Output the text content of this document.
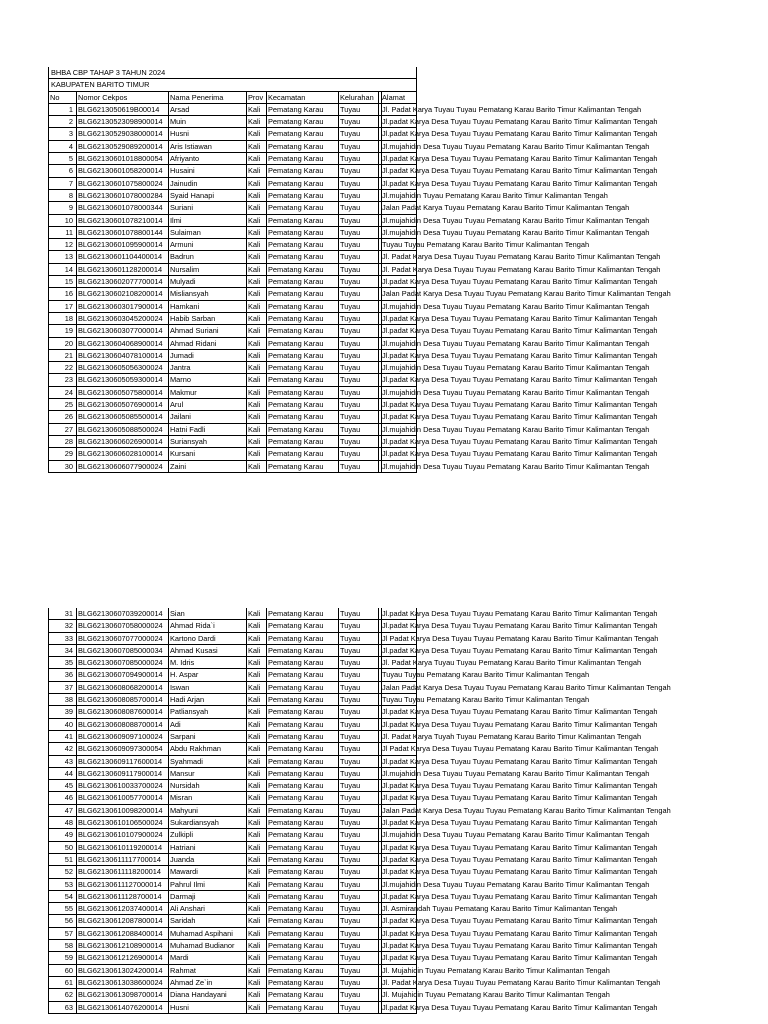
BHBA CBP TAHAP 3 TAHUN 2024
KABUPATEN BARITO TIMUR
No	Nomor Cekpos	Nama Penerima	Prov Kecamatan	Kelurahan	Alamat
1 BLG6213050619B00014	Arsad	Kali	Pematang Karau	Tuyau	Jl. Padat Karya Tuyau Tuyau Pematang Karau Barito Timur Kalimantan Tengah
2 BLG62130523098900014 Muin	Kali	Pematang Karau	Tuyau	Jl.padat Karya Desa Tuyau Tuyau Pematang Karau Barito Timur Kalimantan Tengah
3 BLG62130529038000014 Husni	Kali	Pematang Karau	Tuyau	Jl.padat Karya Desa Tuyau Tuyau Pematang Karau Barito Timur Kalimantan Tengah
4 BLG62130529089200014 Aris Istiawan	Kali	Pematang Karau	Tuyau	Jl.mujahidin Desa Tuyau Tuyau Pematang Karau Barito Timur Kalimantan Tengah
5 BLG62130601018800054 Afriyanto	Kali	Pematang Karau	Tuyau	Jl.padat Karya Desa Tuyau Tuyau Pematang Karau Barito Timur Kalimantan Tengah
6 BLG62130601058200014 Husaini	Kali	Pematang Karau	Tuyau	Jl.padat Karya Desa Tuyau Tuyau Pematang Karau Barito Timur Kalimantan Tengah
7 BLG62130601075800024 Jainudin	Kali	Pematang Karau	Tuyau	Jl.padat Karya Desa Tuyau Tuyau Pematang Karau Barito Timur Kalimantan Tengah
8 BLG62130601078000284 Syaid Hanapi	Kali	Pematang Karau	Tuyau	Jl.mujahidin Tuyau Pematang Karau Barito Timur Kalimantan Tengah
9 BLG62130601078000344 Suriani	Kali	Pematang Karau	Tuyau	Jalan Padat Karya Tuyau Pematang Karau Barito Timur Kalimantan Tengah
10 BLG62130601078210014 Ilmi	Kali	Pematang Karau	Tuyau	Jl.mujahidin Desa Tuyau Tuyau Pematang Karau Barito Timur Kalimantan Tengah
11 BLG62130601078800144 Sulaiman	Kali	Pematang Karau	Tuyau	Jl.mujahidin Desa Tuyau Tuyau Pematang Karau Barito Timur Kalimantan Tengah
12 BLG62130601095900014 Armuni	Kali	Pematang Karau	Tuyau	Tuyau Tuyau Pematang Karau Barito Timur Kalimantan Tengah
13 BLG62130601104400014	Badrun	Kali	Pematang Karau	Tuyau	Jl. Padat Karya Desa Tuyau Tuyau Pematang Karau Barito Timur Kalimantan Tengah
14 BLG62130601128200014	Nursalim	Kali	Pematang Karau	Tuyau	Jl. Padat Karya Desa Tuyau Tuyau Pematang Karau Barito Timur Kalimantan Tengah
15 BLG62130602077700014 Mulyadi	Kali	Pematang Karau	Tuyau	Jl.padat Karya Desa Tuyau Tuyau Pematang Karau Barito Timur Kalimantan Tengah
16 BLG62130602108200014 Misliansyah	Kali	Pematang Karau	Tuyau	Jalan Padat Karya Desa Tuyau Tuyau Pematang Karau Barito Timur Kalimantan Tengah
17 BLG62130603017900014 Hamkani	Kali	Pematang Karau	Tuyau	Jl.mujahidin Desa Tuyau Tuyau Pematang Karau Barito Timur Kalimantan Tengah
18 BLG62130603045200024 Habib Sarban	Kali	Pematang Karau	Tuyau	Jl.padat Karya Desa Tuyau Tuyau Pematang Karau Barito Timur Kalimantan Tengah
19 BLG62130603077000014 Ahmad Suriani	Kali	Pematang Karau	Tuyau	Jl.padat Karya Desa Tuyau Tuyau Pematang Karau Barito Timur Kalimantan Tengah
20 BLG62130604068900014 Ahmad Ridani	Kali	Pematang Karau	Tuyau	Jl.mujahidin Desa Tuyau Tuyau Pematang Karau Barito Timur Kalimantan Tengah
21 BLG62130604078100014 Jumadi	Kali	Pematang Karau	Tuyau	Jl.padat Karya Desa Tuyau Tuyau Pematang Karau Barito Timur Kalimantan Tengah
22 BLG62130605056300024 Jantra	Kali	Pematang Karau	Tuyau	Jl.mujahidin Desa Tuyau Tuyau Pematang Karau Barito Timur Kalimantan Tengah
23 BLG62130605059300014 Marno	Kali	Pematang Karau	Tuyau	Jl.padat Karya Desa Tuyau Tuyau Pematang Karau Barito Timur Kalimantan Tengah
24 BLG62130605075800014 Makmur	Kali	Pematang Karau	Tuyau	Jl.mujahidin Desa Tuyau Tuyau Pematang Karau Barito Timur Kalimantan Tengah
25 BLG62130605076900014 Arul	Kali	Pematang Karau	Tuyau	Jl.padat Karya Desa Tuyau Tuyau Pematang Karau Barito Timur Kalimantan Tengah
26 BLG62130605085500014 Jailani	Kali	Pematang Karau	Tuyau	Jl.padat Karya Desa Tuyau Tuyau Pematang Karau Barito Timur Kalimantan Tengah
27 BLG62130605088500024 Hatni Fadli	Kali	Pematang Karau	Tuyau	Jl.mujahidin Desa Tuyau Tuyau Pematang Karau Barito Timur Kalimantan Tengah
28 BLG62130606026900014 Suriansyah	Kali	Pematang Karau	Tuyau	Jl.padat Karya Desa Tuyau Tuyau Pematang Karau Barito Timur Kalimantan Tengah
29 BLG62130606028100014 Kursani	Kali	Pematang Karau	Tuyau	Jl.padat Karya Desa Tuyau Tuyau Pematang Karau Barito Timur Kalimantan Tengah
30 BLG62130606077900024 Zaini	Kali	Pematang Karau	Tuyau	Jl.mujahidin Desa Tuyau Tuyau Pematang Karau Barito Timur Kalimantan Tengah
31 BLG62130607039200014 Sian	Kali	Pematang Karau	Tuyau	Jl.padat Karya Desa Tuyau Tuyau Pematang Karau Barito Timur Kalimantan Tengah
32 BLG62130607058000024 Ahmad Rida`i	Kali	Pematang Karau	Tuyau	Jl.padat Karya Desa Tuyau Tuyau Pematang Karau Barito Timur Kalimantan Tengah
33 BLG62130607077000024 Kartono Dardi	Kali	Pematang Karau	Tuyau	Jl Padat Karya Desa Tuyau Tuyau Pematang Karau Barito Timur Kalimantan Tengah
34 BLG62130607085000034 Ahmad Kusasi	Kali	Pematang Karau	Tuyau	Jl.padat Karya Desa Tuyau Tuyau Pematang Karau Barito Timur Kalimantan Tengah
35 BLG62130607085000024 M. Idris	Kali	Pematang Karau	Tuyau	Jl. Padat Karya Tuyau Tuyau Pematang Karau Barito Timur Kalimantan Tengah
36 BLG62130607094900014 H. Aspar	Kali	Pematang Karau	Tuyau	Tuyau Tuyau Pematang Karau Barito Timur Kalimantan Tengah
37 BLG62130608068200014 Iswan	Kali	Pematang Karau	Tuyau	Jalan Padat Karya Desa Tuyau Tuyau Pematang Karau Barito Timur Kalimantan Tengah
38 BLG62130608085700014 Hadi Arjan	Kali	Pematang Karau	Tuyau	Tuyau Tuyau Pematang Karau Barito Timur Kalimantan Tengah
39 BLG62130608087600014 Patliansyah	Kali	Pematang Karau	Tuyau	Jl.padat Karya Desa Tuyau Tuyau Pematang Karau Barito Timur Kalimantan Tengah
40 BLG62130608088700014 Adi	Kali	Pematang Karau	Tuyau	Jl.padat Karya Desa Tuyau Tuyau Pematang Karau Barito Timur Kalimantan Tengah
41 BLG62130609097100024 Sarpani	Kali	Pematang Karau	Tuyau	Jl. Padat Karya Tuyah Tuyau Pematang Karau Barito Timur Kalimantan Tengah
42 BLG62130609097300054 Abdu Rakhman	Kali	Pematang Karau	Tuyau	Jl Padat Karya Desa Tuyau Tuyau Pematang Karau Barito Timur Kalimantan Tengah
43 BLG62130609117600014	Syahmadi	Kali	Pematang Karau	Tuyau	Jl.padat Karya Desa Tuyau Tuyau Pematang Karau Barito Timur Kalimantan Tengah
44 BLG62130609117900014	Mansur	Kali	Pematang Karau	Tuyau	Jl.mujahidin Desa Tuyau Tuyau Pematang Karau Barito Timur Kalimantan Tengah
45 BLG62130610033700024 Nursidah	Kali	Pematang Karau	Tuyau	Jl.padat Karya Desa Tuyau Tuyau Pematang Karau Barito Timur Kalimantan Tengah
46 BLG62130610057700014 Misran	Kali	Pematang Karau	Tuyau	Jl.padat Karya Desa Tuyau Tuyau Pematang Karau Barito Timur Kalimantan Tengah
47 BLG62130610098200014 Mahyuni	Kali	Pematang Karau	Tuyau	Jalan Padat Karya Desa Tuyau Tuyau Pematang Karau Barito Timur Kalimantan Tengah
48 BLG62130610106500024 Sukardiansyah	Kali	Pematang Karau	Tuyau	Jl.padat Karya Desa Tuyau Tuyau Pematang Karau Barito Timur Kalimantan Tengah
49 BLG62130610107900024 Zulkipli	Kali	Pematang Karau	Tuyau	Jl.mujahidin Desa Tuyau Tuyau Pematang Karau Barito Timur Kalimantan Tengah
50 BLG62130610119200014	Hatriani	Kali	Pematang Karau	Tuyau	Jl.padat Karya Desa Tuyau Tuyau Pematang Karau Barito Timur Kalimantan Tengah
51 BLG62130611117700014	Juanda	Kali	Pematang Karau	Tuyau	Jl.padat Karya Desa Tuyau Tuyau Pematang Karau Barito Timur Kalimantan Tengah
52 BLG62130611118200014	Mawardi	Kali	Pematang Karau	Tuyau	Jl.padat Karya Desa Tuyau Tuyau Pematang Karau Barito Timur Kalimantan Tengah
53 BLG62130611127000014	Pahrul Ilmi	Kali	Pematang Karau	Tuyau	Jl.mujahidin Desa Tuyau Tuyau Pematang Karau Barito Timur Kalimantan Tengah
54 BLG62130611128700014	Darmaji	Kali	Pematang Karau	Tuyau	Jl.padat Karya Desa Tuyau Tuyau Pematang Karau Barito Timur Kalimantan Tengah
55 BLG62130612037400014 Ali Anshari	Kali	Pematang Karau	Tuyau	Jl. Asmirandah Tuyau Pematang Karau Barito Timur Kalimantan Tengah
56 BLG62130612087800014 Saridah	Kali	Pematang Karau	Tuyau	Jl.padat Karya Desa Tuyau Tuyau Pematang Karau Barito Timur Kalimantan Tengah
57 BLG62130612088400014 Muhamad Aspihani	Kali	Pematang Karau	Tuyau	Jl.padat Karya Desa Tuyau Tuyau Pematang Karau Barito Timur Kalimantan Tengah
58 BLG62130612108900014 Muhamad Budianor	Kali	Pematang Karau	Tuyau	Jl.padat Karya Desa Tuyau Tuyau Pematang Karau Barito Timur Kalimantan Tengah
59 BLG62130612126900014 Mardi	Kali	Pematang Karau	Tuyau	Jl.padat Karya Desa Tuyau Tuyau Pematang Karau Barito Timur Kalimantan Tengah
60 BLG62130613024200014 Rahmat	Kali	Pematang Karau	Tuyau	Jl. Mujahidin Tuyau Pematang Karau Barito Timur Kalimantan Tengah
61 BLG62130613038600024 Ahmad Ze`in	Kali	Pematang Karau	Tuyau	Jl. Padat Karya Desa Tuyau Tuyau Pematang Karau Barito Timur Kalimantan Tengah
62 BLG62130613098700014 Diana Handayani	Kali	Pematang Karau	Tuyau	Jl. Mujahidin Tuyau Pematang Karau Barito Timur Kalimantan Tengah
63 BLG62130614076200014 Husni	Kali	Pematang Karau	Tuyau	Jl.padat Karya Desa Tuyau Tuyau Pematang Karau Barito Timur Kalimantan Tengah
